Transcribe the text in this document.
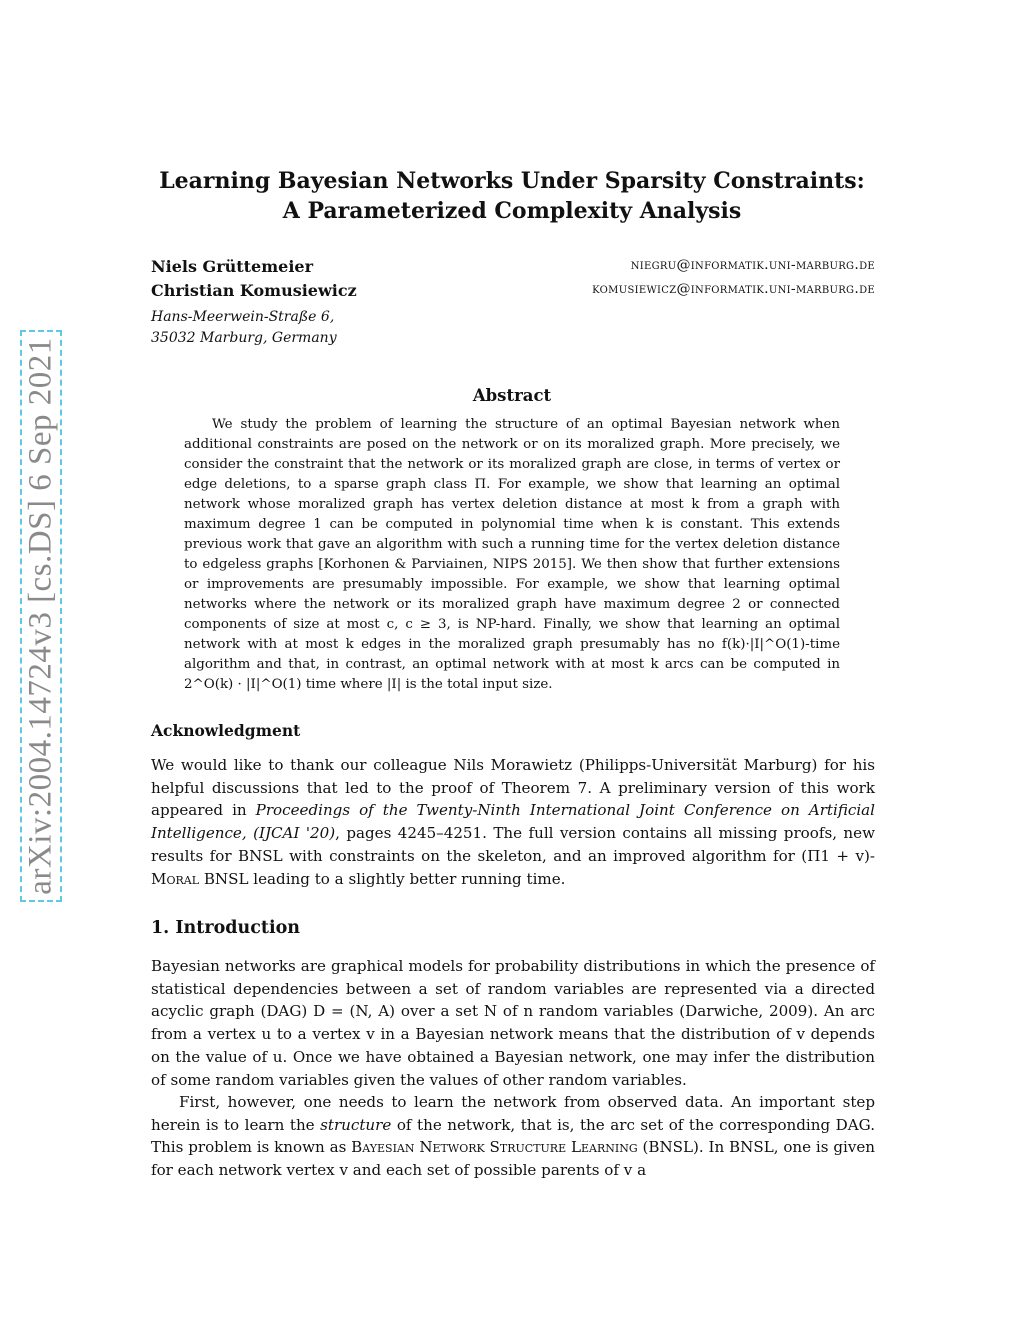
arXiv:2004.14724v3 [cs.DS] 6 Sep 2021
Learning Bayesian Networks Under Sparsity Constraints:
A Parameterized Complexity Analysis
Niels Grüttemeier	niegru@informatik.uni-marburg.de
Christian Komusiewicz	komusiewicz@informatik.uni-marburg.de
Hans-Meerwein-Straße 6,
35032 Marburg, Germany
Abstract

We study the problem of learning the structure of an optimal Bayesian network when additional constraints are posed on the network or on its moralized graph. More precisely, we consider the constraint that the network or its moralized graph are close, in terms of vertex or edge deletions, to a sparse graph class Π. For example, we show that learning an optimal network whose moralized graph has vertex deletion distance at most k from a graph with maximum degree 1 can be computed in polynomial time when k is constant. This extends previous work that gave an algorithm with such a running time for the vertex deletion distance to edgeless graphs [Korhonen & Parviainen, NIPS 2015]. We then show that further extensions or improvements are presumably impossible. For example, we show that learning optimal networks where the network or its moralized graph have maximum degree 2 or connected components of size at most c, c ≥ 3, is NP-hard. Finally, we show that learning an optimal network with at most k edges in the moralized graph presumably has no f(k)·|I|^O(1)-time algorithm and that, in contrast, an optimal network with at most k arcs can be computed in 2^O(k) · |I|^O(1) time where |I| is the total input size.

Acknowledgment

We would like to thank our colleague Nils Morawietz (Philipps-Universität Marburg) for his helpful discussions that led to the proof of Theorem 7. A preliminary version of this work appeared in Proceedings of the Twenty-Ninth International Joint Conference on Artificial Intelligence, (IJCAI '20), pages 4245–4251. The full version contains all missing proofs, new results for BNSL with constraints on the skeleton, and an improved algorithm for (Π1 + v)-Moral BNSL leading to a slightly better running time.

1. Introduction

Bayesian networks are graphical models for probability distributions in which the presence of statistical dependencies between a set of random variables are represented via a directed acyclic graph (DAG) D = (N, A) over a set N of n random variables (Darwiche, 2009). An arc from a vertex u to a vertex v in a Bayesian network means that the distribution of v depends on the value of u. Once we have obtained a Bayesian network, one may infer the distribution of some random variables given the values of other random variables.

First, however, one needs to learn the network from observed data. An important step herein is to learn the structure of the network, that is, the arc set of the corresponding DAG. This problem is known as Bayesian Network Structure Learning (BNSL). In BNSL, one is given for each network vertex v and each set of possible parents of v a
